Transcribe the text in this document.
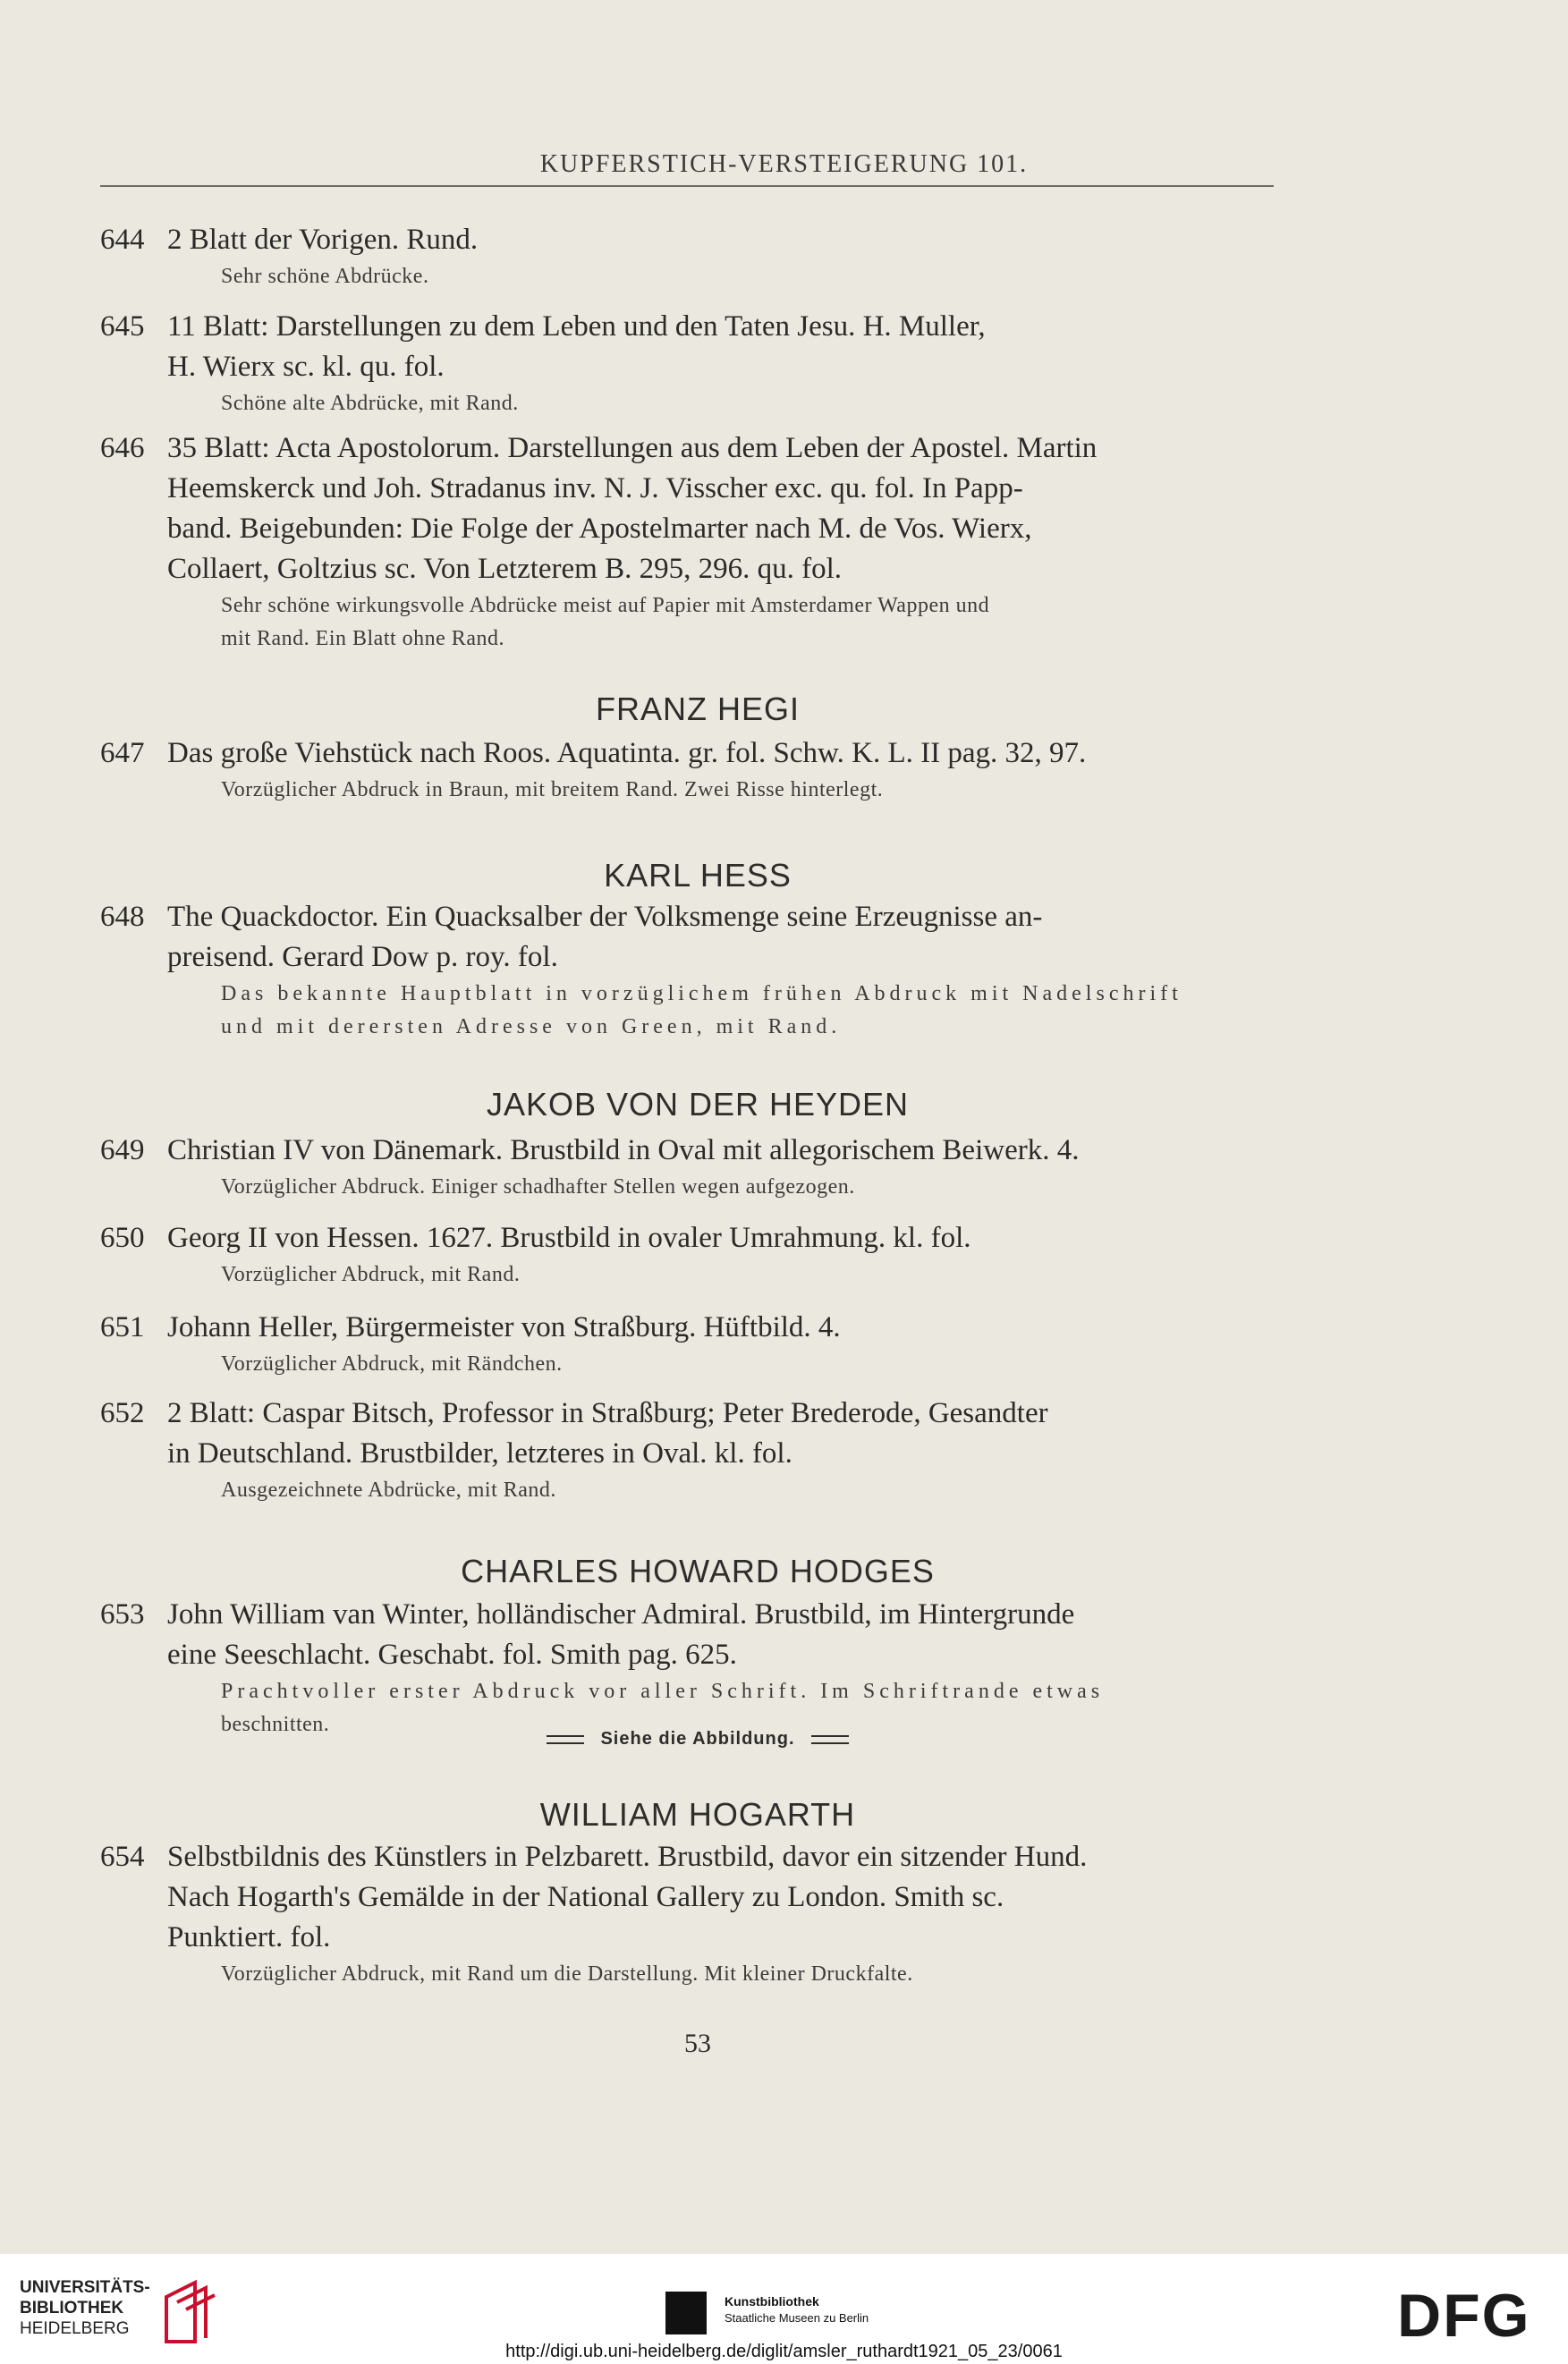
KUPFERSTICH-VERSTEIGERUNG 101.
644 2 Blatt der Vorigen. Rund.
Sehr schöne Abdrücke.
645 11 Blatt: Darstellungen zu dem Leben und den Taten Jesu. H. Muller,
H. Wierx sc. kl. qu. fol.
Schöne alte Abdrücke, mit Rand.
646 35 Blatt: Acta Apostolorum. Darstellungen aus dem Leben der Apostel. Martin
Heemskerck und Joh. Stradanus inv. N. J. Visscher exc. qu. fol. In Papp-
band. Beigebunden: Die Folge der Apostelmarter nach M. de Vos. Wierx,
Collaert, Goltzius sc. Von Letzterem B. 295, 296. qu. fol.
Sehr schöne wirkungsvolle Abdrücke meist auf Papier mit Amsterdamer Wappen und
mit Rand. Ein Blatt ohne Rand.
FRANZ HEGI
647 Das große Viehstück nach Roos. Aquatinta. gr. fol. Schw. K. L. II pag. 32, 97.
Vorzüglicher Abdruck in Braun, mit breitem Rand. Zwei Risse hinterlegt.
KARL HESS
648 The Quackdoctor. Ein Quacksalber der Volksmenge seine Erzeugnisse an-
preisend. Gerard Dow p. roy. fol.
Das bekannte Hauptblatt in vorzüglichem frühen Abdruck mit Nadelschrift
und mit derersten Adresse von Green, mit Rand.
JAKOB VON DER HEYDEN
649 Christian IV von Dänemark. Brustbild in Oval mit allegorischem Beiwerk. 4.
Vorzüglicher Abdruck. Einiger schadhafter Stellen wegen aufgezogen.
650 Georg II von Hessen. 1627. Brustbild in ovaler Umrahmung. kl. fol.
Vorzüglicher Abdruck, mit Rand.
651 Johann Heller, Bürgermeister von Straßburg. Hüftbild. 4.
Vorzüglicher Abdruck, mit Rändchen.
652 2 Blatt: Caspar Bitsch, Professor in Straßburg; Peter Brederode, Gesandter
in Deutschland. Brustbilder, letzteres in Oval. kl. fol.
Ausgezeichnete Abdrücke, mit Rand.
CHARLES HOWARD HODGES
653 John William van Winter, holländischer Admiral. Brustbild, im Hintergrunde
eine Seeschlacht. Geschabt. fol. Smith pag. 625.
Prachtvoller erster Abdruck vor aller Schrift. Im Schriftrande etwas
beschnitten.
Siehe die Abbildung.
WILLIAM HOGARTH
654 Selbstbildnis des Künstlers in Pelzbarett. Brustbild, davor ein sitzender Hund.
Nach Hogarth's Gemälde in der National Gallery zu London. Smith sc.
Punktiert. fol.
Vorzüglicher Abdruck, mit Rand um die Darstellung. Mit kleiner Druckfalte.
53
UNIVERSITÄTS-
BIBLIOTHEK
HEIDELBERG
Kunstbibliothek
Staatliche Museen zu Berlin	DFG
http://digi.ub.uni-heidelberg.de/diglit/amsler_ruthardt1921_05_23/0061
